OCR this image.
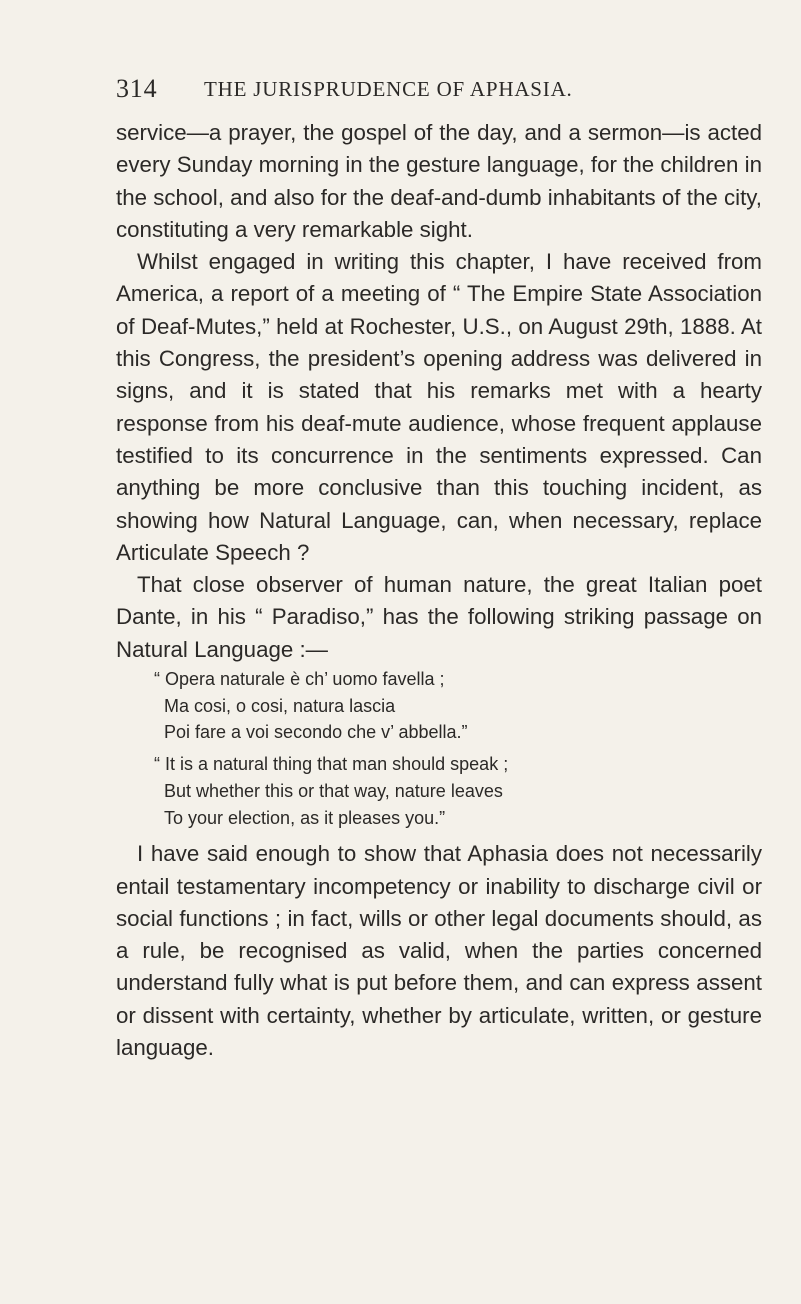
314 THE JURISPRUDENCE OF APHASIA.

service—a prayer, the gospel of the day, and a sermon—is acted every Sunday morning in the gesture language, for the children in the school, and also for the deaf-and-dumb inhabitants of the city, constituting a very remarkable sight.

Whilst engaged in writing this chapter, I have received from America, a report of a meeting of “ The Empire State Association of Deaf-Mutes,” held at Rochester, U.S., on August 29th, 1888. At this Congress, the president’s opening address was delivered in signs, and it is stated that his remarks met with a hearty response from his deaf-mute audience, whose frequent applause testified to its concurrence in the sentiments expressed. Can anything be more conclusive than this touching incident, as showing how Natural Language, can, when necessary, replace Articulate Speech ?

That close observer of human nature, the great Italian poet Dante, in his “ Paradiso,” has the following striking passage on Natural Language :—

“ Opera naturale è ch’ uomo favella ;

Ma cosi, o cosi, natura lascia

Poi fare a voi secondo che v’ abbella.”

“ It is a natural thing that man should speak ;

But whether this or that way, nature leaves

To your election, as it pleases you.”

I have said enough to show that Aphasia does not necessarily entail testamentary incompetency or inability to discharge civil or social functions ; in fact, wills or other legal documents should, as a rule, be recognised as valid, when the parties concerned understand fully what is put before them, and can express assent or dissent with certainty, whether by articulate, written, or gesture language.
